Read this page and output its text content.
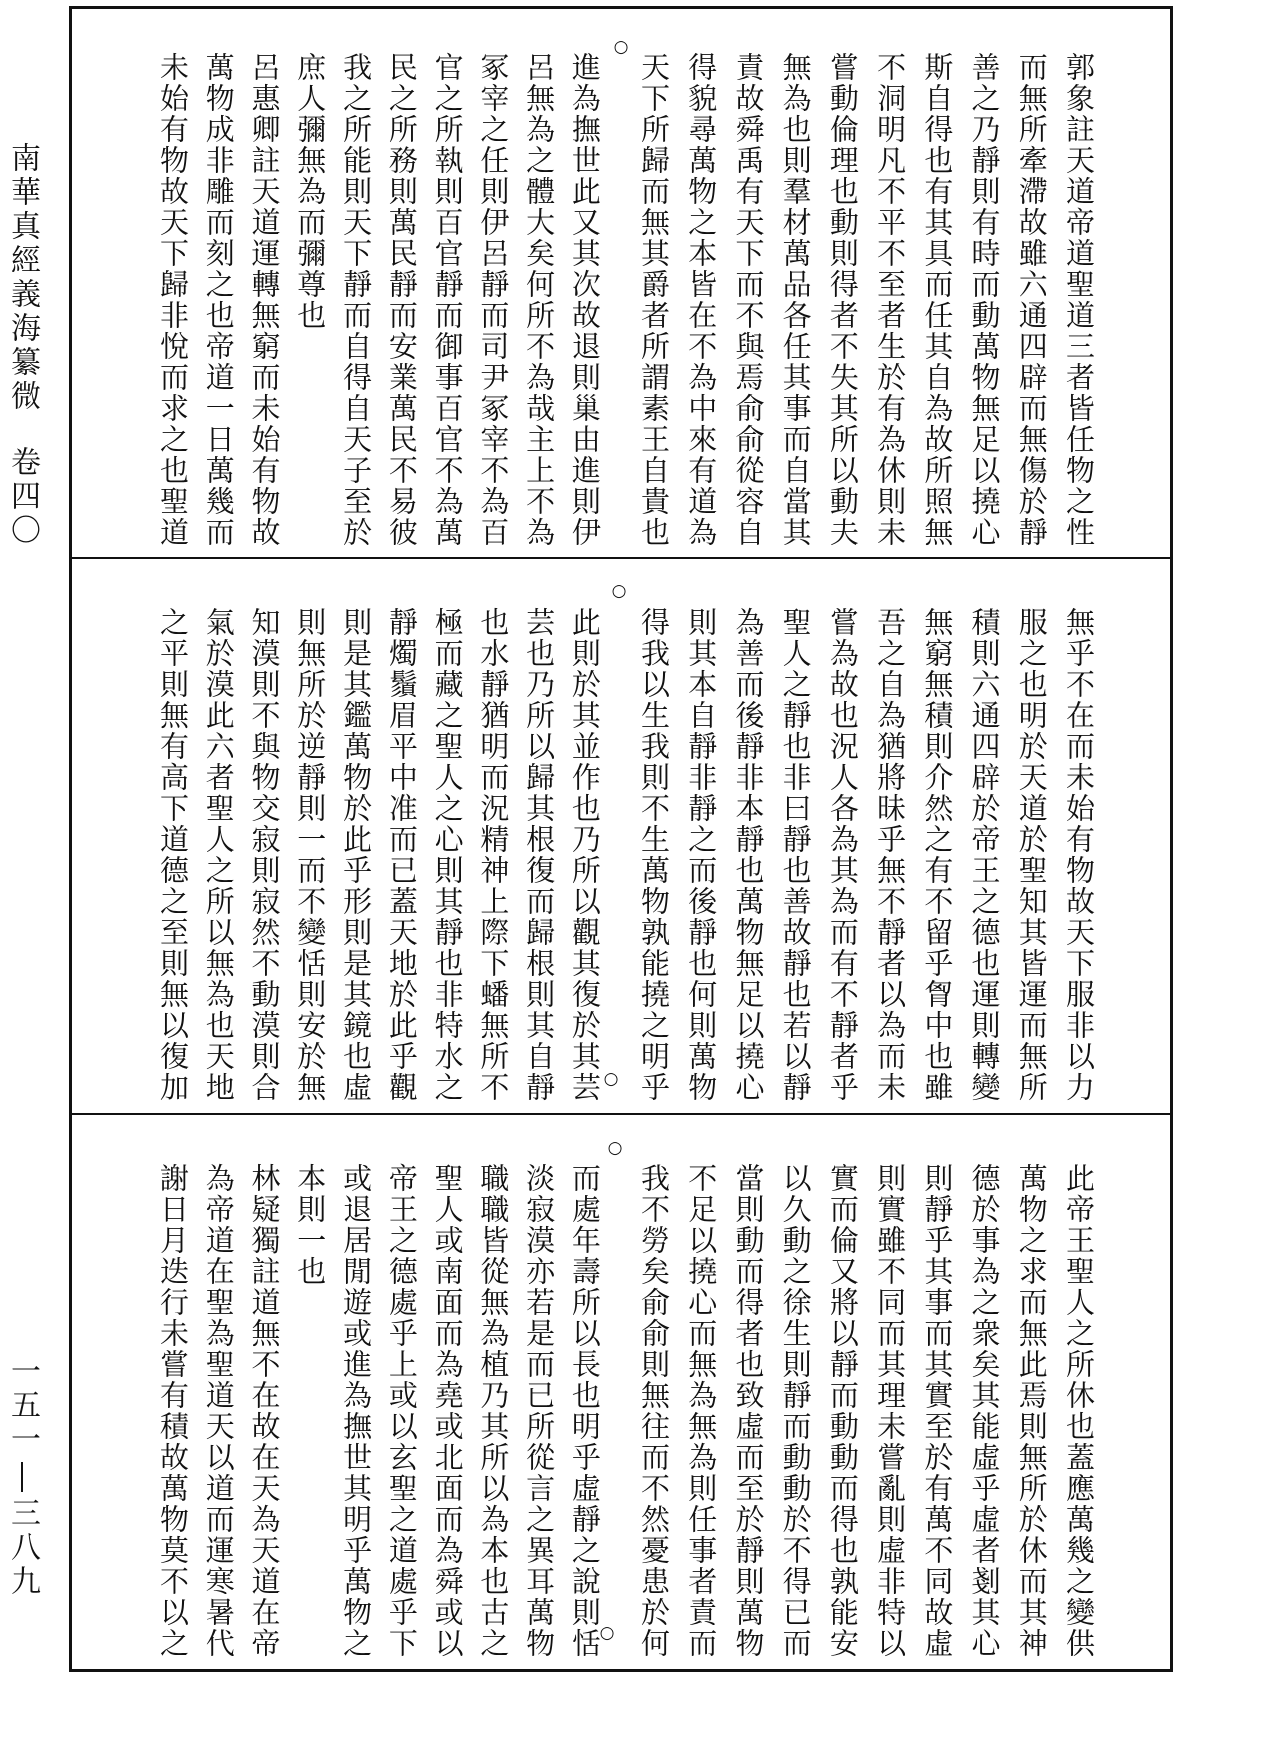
南華真經義海纂微
卷四〇
一五一
三八九
○
郭象註天道帝道聖道三者皆任物之性
而無所牽滯故雖六通四辟而無傷於靜
善之乃靜則有時而動萬物無足以撓心
斯自得也有其具而任其自為故所照無
不洞明凡不平不至者生於有為休則未
嘗動倫理也動則得者不失其所以動夫
無為也則羣材萬品各任其事而自當其
責故舜禹有天下而不與焉俞俞從容自
得貌尋萬物之本皆在不為中來有道為
天下所歸而無其爵者所謂素王自貴也
進為撫世此又其次故退則巢由進則伊
呂無為之體大矣何所不為哉主上不為
冢宰之任則伊呂靜而司尹冢宰不為百
官之所執則百官靜而御事百官不為萬
民之所務則萬民靜而安業萬民不易彼
我之所能則天下靜而自得自天子至於
庶人彌無為而彌尊也
呂惠卿註天道運轉無窮而未始有物故
萬物成非雕而刻之也帝道一日萬幾而
未始有物故天下歸非悅而求之也聖道
○
○	無乎不在而未始有物故天下服非以力
服之也明於天道於聖知其皆運而無所
積則六通四辟於帝王之德也運則轉變
無窮無積則介然之有不留乎胷中也雖
吾之自為猶將昧乎無不靜者以為而未
嘗為故也況人各為其為而有不靜者乎
聖人之靜也非曰靜也善故靜也若以靜
為善而後靜非本靜也萬物無足以撓心
則其本自靜非靜之而後靜也何則萬物
得我以生我則不生萬物孰能撓之明乎
此則於其並作也乃所以觀其復於其芸
芸也乃所以歸其根復而歸根則其自靜
也水靜猶明而況精神上際下蟠無所不
極而藏之聖人之心則其靜也非特水之
靜燭鬚眉平中准而已蓋天地於此乎觀
則是其鑑萬物於此乎形則是其鏡也虛
則無所於逆靜則一而不變恬則安於無
知漠則不與物交寂則寂然不動漠則合
氣於漠此六者聖人之所以無為也天地
之平則無有高下道德之至則無以復加
○
○	此帝王聖人之所休也蓋應萬幾之變供
萬物之求而無此焉則無所於休而其神
德於事為之衆矣其能虛乎虛者剗其心
則靜乎其事而其實至於有萬不同故虛
則實雖不同而其理未嘗亂則虛非特以
實而倫又將以靜而動動而得也孰能安
以久動之徐生則靜而動動於不得已而
當則動而得者也致虛而至於靜則萬物
不足以撓心而無為無為則任事者責而
我不勞矣俞俞則無往而不然憂患於何
而處年壽所以長也明乎虛靜之說則恬
淡寂漠亦若是而已所從言之異耳萬物
職職皆從無為植乃其所以為本也古之
聖人或南面而為堯或北面而為舜或以
帝王之德處乎上或以玄聖之道處乎下
或退居閒遊或進為撫世其明乎萬物之
本則一也
林疑獨註道無不在故在天為天道在帝
為帝道在聖為聖道天以道而運寒暑代
謝日月迭行未嘗有積故萬物莫不以之
